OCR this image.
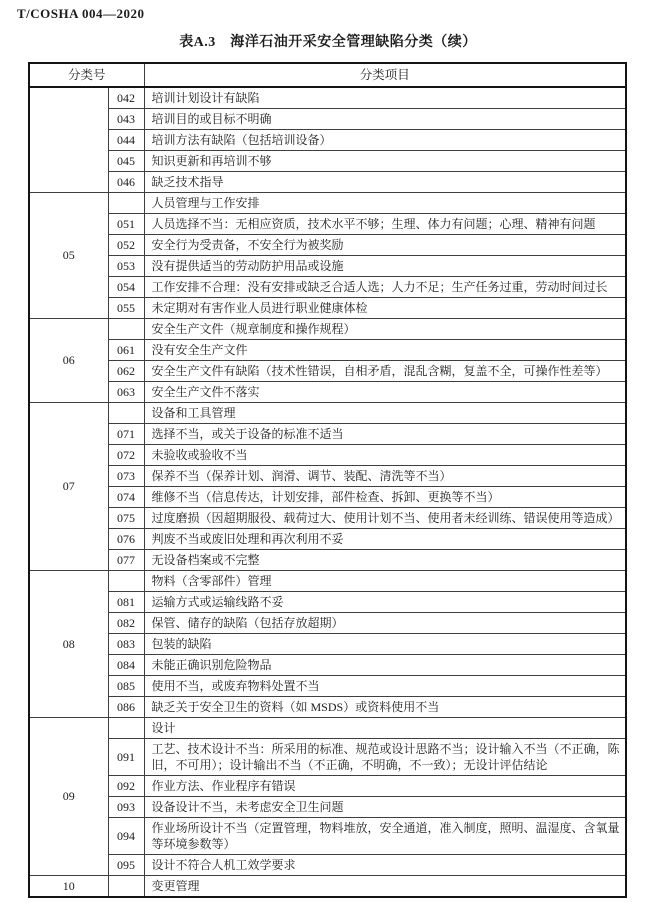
T/COSHA 004—2020
表A.3　海洋石油开采安全管理缺陷分类（续）
分类号		分类项目
	042	培训计划设计有缺陷
	043	培训目的或目标不明确
	044	培训方法有缺陷（包括培训设备）
	045	知识更新和再培训不够
	046	缺乏技术指导
05		人员管理与工作安排
	051	人员选择不当：无相应资质，技术水平不够；生理、体力有问题；心理、精神有问题
	052	安全行为受责备，不安全行为被奖励
	053	没有提供适当的劳动防护用品或设施
	054	工作安排不合理：没有安排或缺乏合适人选；人力不足；生产任务过重，劳动时间过长
	055	未定期对有害作业人员进行职业健康体检
06		安全生产文件（规章制度和操作规程）
	061	没有安全生产文件
	062	安全生产文件有缺陷（技术性错误，自相矛盾，混乱含糊，复盖不全，可操作性差等）
	063	安全生产文件不落实
07		设备和工具管理
	071	选择不当，或关于设备的标准不适当
	072	未验收或验收不当
	073	保养不当（保养计划、润滑、调节、装配、清洗等不当）
	074	维修不当（信息传达，计划安排，部件检查、拆卸、更换等不当）
	075	过度磨损（因超期服役、载荷过大、使用计划不当、使用者未经训练、错误使用等造成）
	076	判废不当或废旧处理和再次利用不妥
	077	无设备档案或不完整
08		物料（含零部件）管理
	081	运输方式或运输线路不妥
	082	保管、储存的缺陷（包括存放超期）
	083	包装的缺陷
	084	未能正确识别危险物品
	085	使用不当，或废弃物料处置不当
	086	缺乏关于安全卫生的资料（如 MSDS）或资料使用不当
09		设计
	091	工艺、技术设计不当：所采用的标准、规范或设计思路不当；设计输入不当（不正确，陈旧，不可用）；设计输出不当（不正确，不明确，不一致）；无设计评估结论
	092	作业方法、作业程序有错误
	093	设备设计不当，未考虑安全卫生问题
	094	作业场所设计不当（定置管理，物料堆放，安全通道，准入制度，照明、温湿度、含氧量等环境参数等）
	095	设计不符合人机工效学要求
10		变更管理
